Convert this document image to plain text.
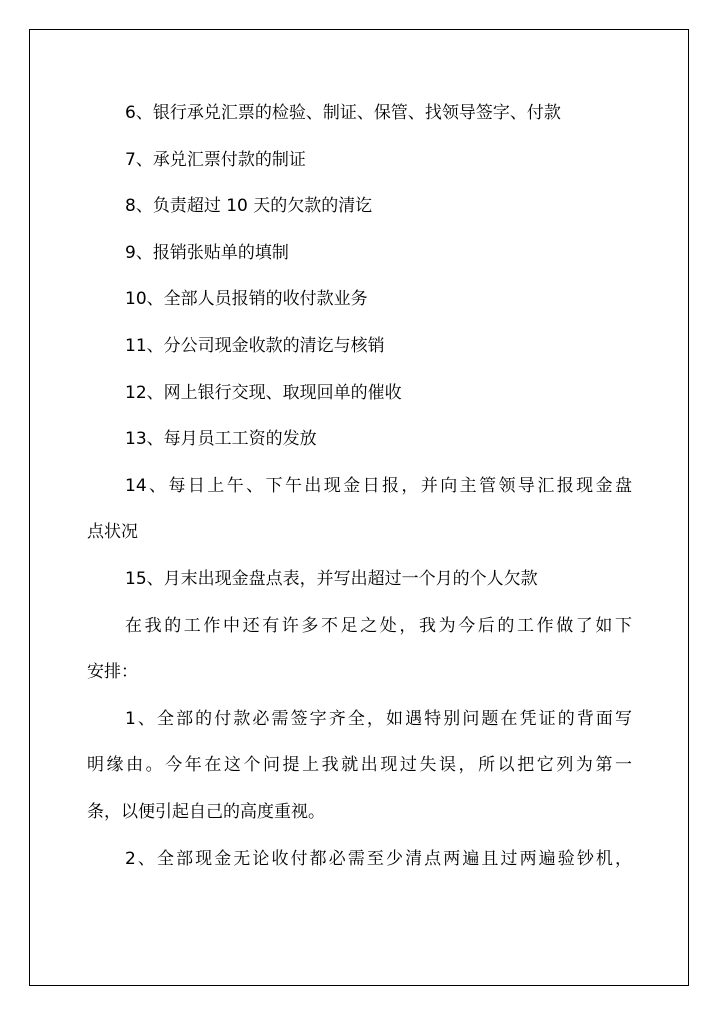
6、银行承兑汇票的检验、制证、保管、找领导签字、付款
7、承兑汇票付款的制证
8、负责超过 10 天的欠款的清讫
9、报销张贴单的填制
10、全部人员报销的收付款业务
11、分公司现金收款的清讫与核销
12、网上银行交现、取现回单的催收
13、每月员工工资的发放
14、每日上午、下午出现金日报，并向主管领导汇报现金盘
点状况
15、月末出现金盘点表，并写出超过一个月的个人欠款
在我的工作中还有许多不足之处，我为今后的工作做了如下
安排：
1、全部的付款必需签字齐全，如遇特别问题在凭证的背面写
明缘由。今年在这个问提上我就出现过失误，所以把它列为第一
条，以便引起自己的高度重视。
2、全部现金无论收付都必需至少清点两遍且过两遍验钞机，
